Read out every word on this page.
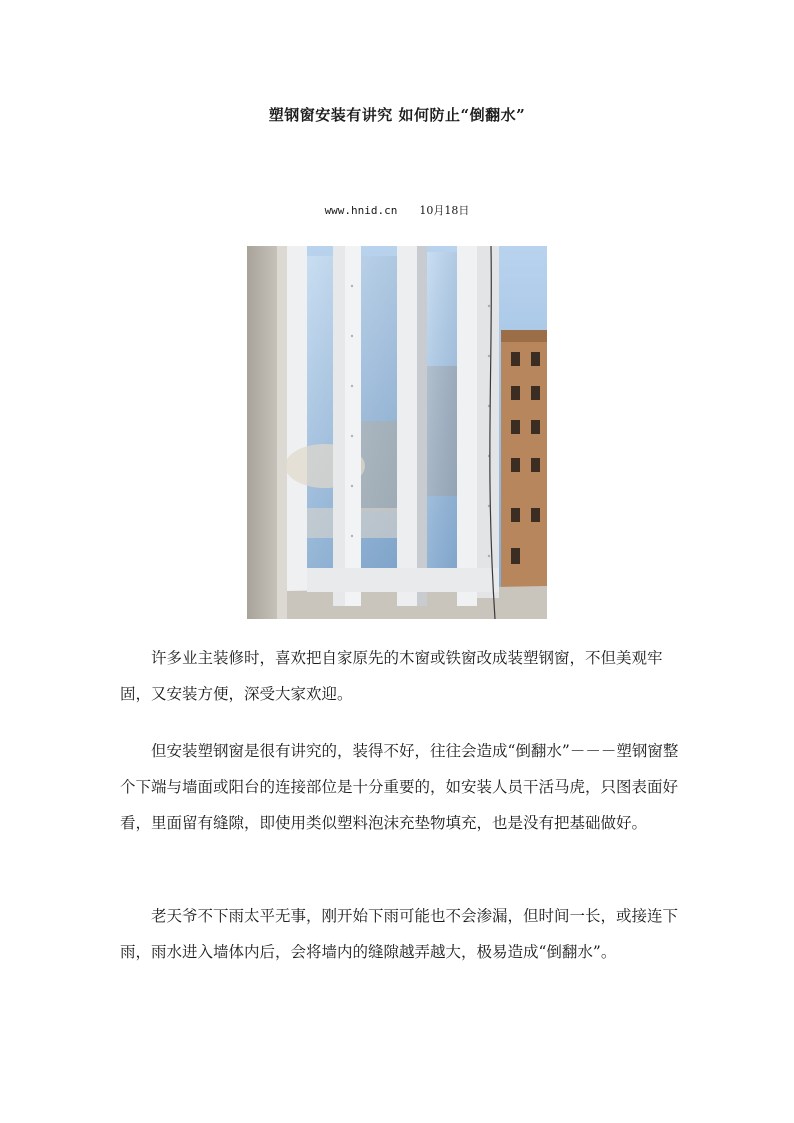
塑钢窗安装有讲究 如何防止“倒翻水”
www.hnid.cn 10月18日

许多业主装修时，喜欢把自家原先的木窗或铁窗改成装塑钢窗，不但美观牢固，又安装方便，深受大家欢迎。

但安装塑钢窗是很有讲究的，装得不好，往往会造成“倒翻水”－－－塑钢窗整个下端与墙面或阳台的连接部位是十分重要的，如安装人员干活马虎，只图表面好看，里面留有缝隙，即使用类似塑料泡沫充垫物填充，也是没有把基础做好。

老天爷不下雨太平无事，刚开始下雨可能也不会渗漏，但时间一长，或接连下雨，雨水进入墙体内后，会将墙内的缝隙越弄越大，极易造成“倒翻水”。
